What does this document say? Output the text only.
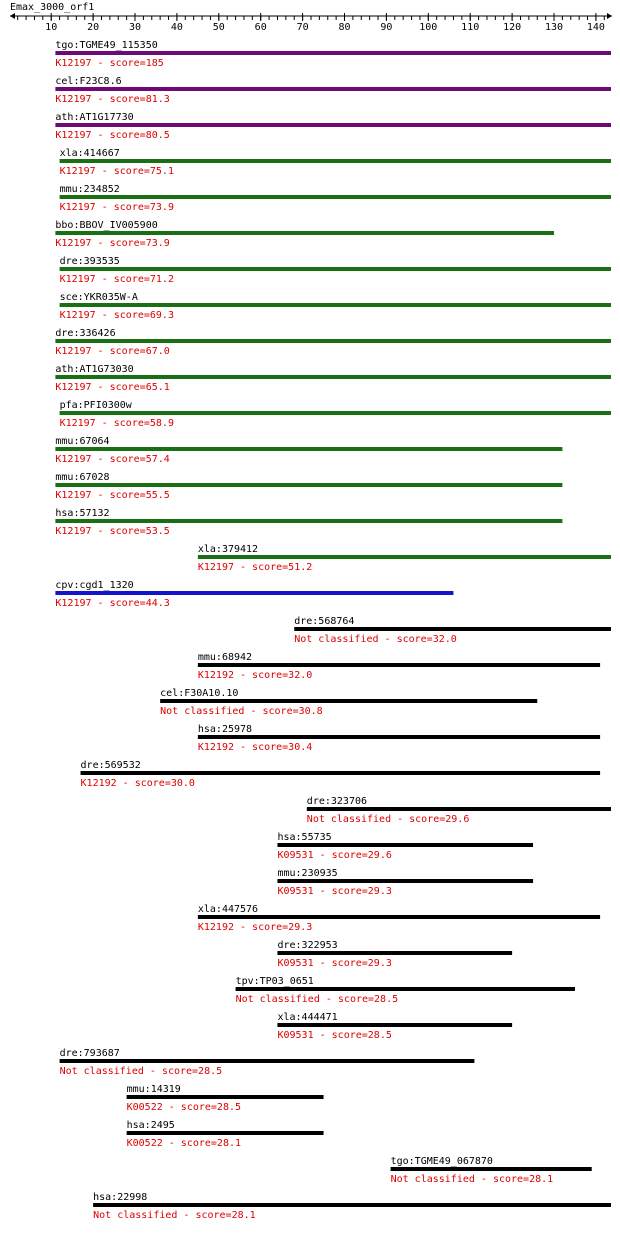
Emax_3000_orf1
10	20	30	40	50	60	70	80	90	100 110 120 130 140
tgo:TGME49_115350
K12197 - score=185
cel:F23C8.6
K12197 - score=81.3
ath:AT1G17730
K12197 - score=80.5
xla:414667
K12197 - score=75.1
mmu:234852
K12197 - score=73.9
bbo:BBOV_IV005900
K12197 - score=73.9
dre:393535
K12197 - score=71.2
sce:YKR035W-A
K12197 - score=69.3
dre:336426
K12197 - score=67.0
ath:AT1G73030
K12197 - score=65.1
pfa:PFI0300w
K12197 - score=58.9
mmu:67064
K12197 - score=57.4
mmu:67028
K12197 - score=55.5
hsa:57132
K12197 - score=53.5
xla:379412
K12197 - score=51.2
cpv:cgd1_1320
K12197 - score=44.3
dre:568764
Not classified - score=32.0
mmu:68942
K12192 - score=32.0
cel:F30A10.10
Not classified - score=30.8
hsa:25978
K12192 - score=30.4
dre:569532
K12192 - score=30.0
dre:323706
Not classified - score=29.6
hsa:55735
K09531 - score=29.6
mmu:230935
K09531 - score=29.3
xla:447576
K12192 - score=29.3
dre:322953
K09531 - score=29.3
tpv:TP03_0651
Not classified - score=28.5
xla:444471
K09531 - score=28.5
dre:793687
Not classified - score=28.5
mmu:14319
K00522 - score=28.5
hsa:2495
K00522 - score=28.1
tgo:TGME49_067870
Not classified - score=28.1
hsa:22998
Not classified - score=28.1
